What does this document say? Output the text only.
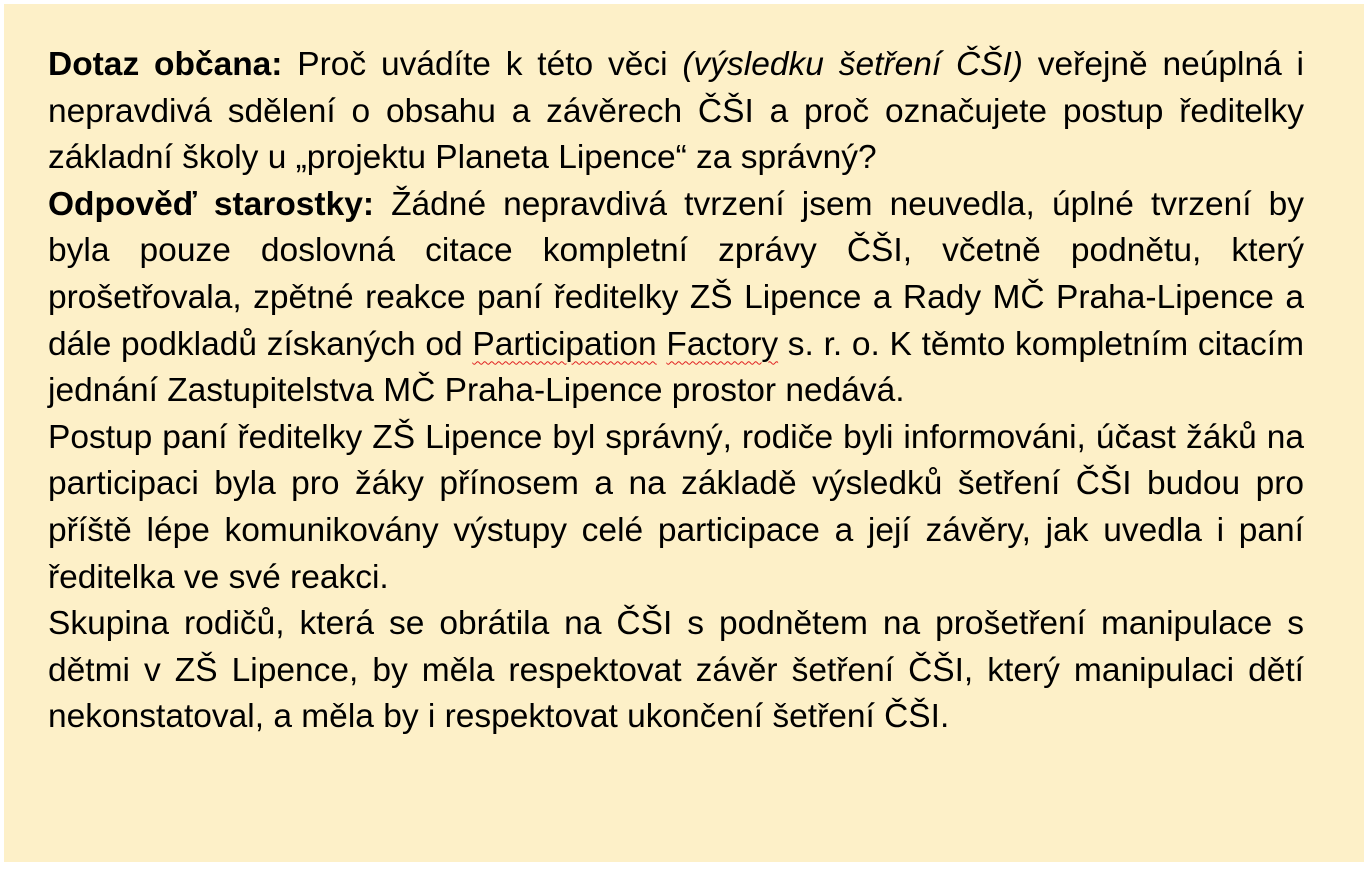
Dotaz občana: Proč uvádíte k této věci (výsledku šetření ČŠI) veřejně neúplná i nepravdivá sdělení o obsahu a závěrech ČŠI a proč označujete postup ředitelky základní školy u „projektu Planeta Lipence“ za správný?

Odpověď starostky: Žádné nepravdivá tvrzení jsem neuvedla, úplné tvrzení by byla pouze doslovná citace kompletní zprávy ČŠI, včetně podnětu, který prošetřovala, zpětné reakce paní ředitelky ZŠ Lipence a Rady MČ Praha-Lipence a dále podkladů získaných od Participation Factory s. r. o. K těmto kompletním citacím jednání Zastupitelstva MČ Praha-Lipence prostor nedává.

Postup paní ředitelky ZŠ Lipence byl správný, rodiče byli informováni, účast žáků na participaci byla pro žáky přínosem a na základě výsledků šetření ČŠI budou pro příště lépe komunikovány výstupy celé participace a její závěry, jak uvedla i paní ředitelka ve své reakci.

Skupina rodičů, která se obrátila na ČŠI s podnětem na prošetření manipulace s dětmi v ZŠ Lipence, by měla respektovat závěr šetření ČŠI, který manipulaci dětí nekonstatoval, a měla by i respektovat ukončení šetření ČŠI.
